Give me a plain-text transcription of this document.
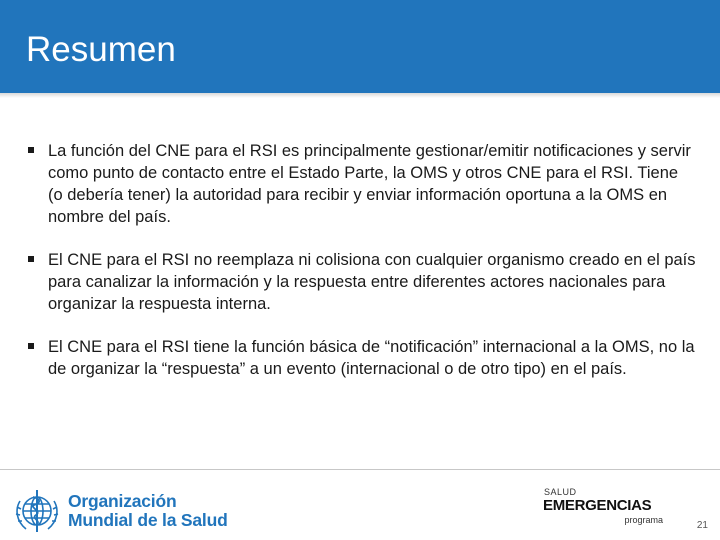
Resumen
La función del CNE para el RSI es principalmente gestionar/emitir notificaciones y servir como punto de contacto entre el Estado Parte, la OMS y otros CNE para el RSI. Tiene (o debería tener) la autoridad para recibir y enviar información oportuna a la OMS en nombre del país.
El CNE para el RSI no reemplaza ni colisiona con cualquier organismo creado en el país para canalizar la información y la respuesta entre diferentes actores nacionales para organizar la respuesta interna.
El CNE para el RSI tiene la función básica de “notificación” internacional a la OMS, no la de organizar la “respuesta” a un evento (internacional o de otro tipo) en el país.
Organización
Mundial de la Salud
SALUD
EMERGENCIAS
programa	21
